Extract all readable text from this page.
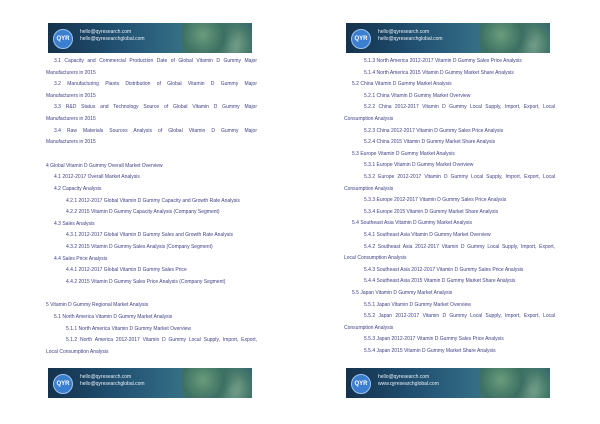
QYR
hello@qyresearch.com
hello@qyresearchglobal.com
3.1 Capacity and Commercial Production Date of Global Vitamin D Gummy Major
Manufacturers in 2015
3.2 Manufacturing Plants Distribution of Global Vitamin D Gummy Major
Manufacturers in 2015
3.3 R&D Status and Technology Source of Global Vitamin D Gummy Major
Manufacturers in 2015
3.4 Raw Materials Sources Analysis of Global Vitamin D Gummy Major
Manufacturers in 2015
4 Global Vitamin D Gummy Overall Market Overview
4.1 2012-2017 Overall Market Analysis
4.2 Capacity Analysis
4.2.1 2012-2017 Global Vitamin D Gummy Capacity and Growth Rate Analysis
4.2.2 2015 Vitamin D Gummy Capacity Analysis (Company Segment)
4.3 Sales Analysis
4.3.1 2012-2017 Global Vitamin D Gummy Sales and Growth Rate Analysis
4.3.2 2015 Vitamin D Gummy Sales Analysis (Company Segment)
4.4 Sales Price Analysis
4.4.1 2012-2017 Global Vitamin D Gummy Sales Price
4.4.2 2015 Vitamin D Gummy Sales Price Analysis (Company Segment)
5 Vitamin D Gummy Regional Market Analysis
5.1 North America Vitamin D Gummy Market Analysis
5.1.1 North America Vitamin D Gummy Market Overview
5.1.2 North America 2012-2017 Vitamin D Gummy Local Supply, Import, Export,
Local Consumption Analysis
QYR
hello@qyresearch.com
hello@qyresearchglobal.com
QYR
hello@qyresearch.com
hello@qyresearchglobal.com
5.1.3 North America 2012-2017 Vitamin D Gummy Sales Price Analysis
5.1.4 North America 2015 Vitamin D Gummy Market Share Analysis
5.2 China Vitamin D Gummy Market Analysis
5.2.1 China Vitamin D Gummy Market Overview
5.2.2 China 2012-2017 Vitamin D Gummy Local Supply, Import, Export, Local
Consumption Analysis
5.2.3 China 2012-2017 Vitamin D Gummy Sales Price Analysis
5.2.4 China 2015 Vitamin D Gummy Market Share Analysis
5.3 Europe Vitamin D Gummy Market Analysis
5.3.1 Europe Vitamin D Gummy Market Overview
5.3.2 Europe 2012-2017 Vitamin D Gummy Local Supply, Import, Export, Local
Consumption Analysis
5.3.3 Europe 2012-2017 Vitamin D Gummy Sales Price Analysis
5.3.4 Europe 2015 Vitamin D Gummy Market Share Analysis
5.4 Southeast Asia Vitamin D Gummy Market Analysis
5.4.1 Southeast Asia Vitamin D Gummy Market Overview
5.4.2 Southeast Asia 2012-2017 Vitamin D Gummy Local Supply, Import, Export,
Local Consumption Analysis
5.4.3 Southeast Asia 2012-2017 Vitamin D Gummy Sales Price Analysis
5.4.4 Southeast Asia 2015 Vitamin D Gummy Market Share Analysis
5.5 Japan Vitamin D Gummy Market Analysis
5.5.1 Japan Vitamin D Gummy Market Overview
5.5.2 Japan 2012-2017 Vitamin D Gummy Local Supply, Import, Export, Local
Consumption Analysis
5.5.3 Japan 2012-2017 Vitamin D Gummy Sales Price Analysis
5.5.4 Japan 2015 Vitamin D Gummy Market Share Analysis
QYR
hello@qyresearch.com
www.qyresearchglobal.com
